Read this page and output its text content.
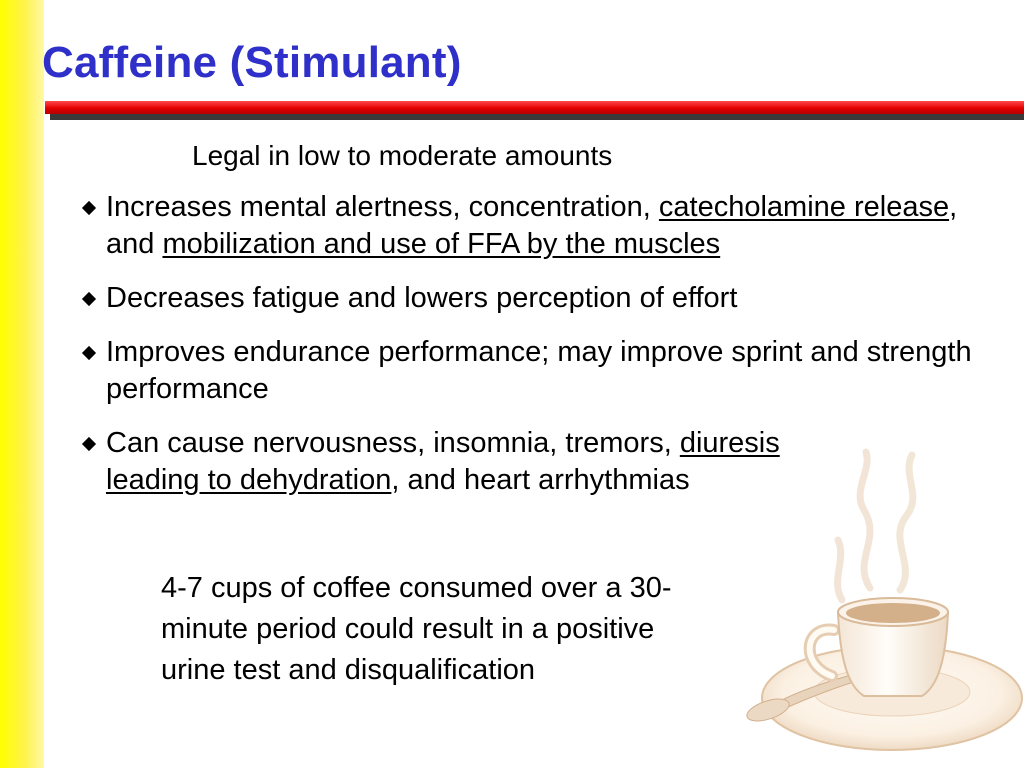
Caffeine (Stimulant)
Legal in low to moderate amounts
Increases mental alertness, concentration, catecholamine release, and mobilization and use of FFA by the muscles
Decreases fatigue and lowers perception of effort
Improves endurance performance; may improve sprint and strength performance
Can cause nervousness, insomnia, tremors, diuresis leading to dehydration, and heart arrhythmias
4-7 cups of coffee consumed over a 30-minute period could result in a positive urine test and disqualification
